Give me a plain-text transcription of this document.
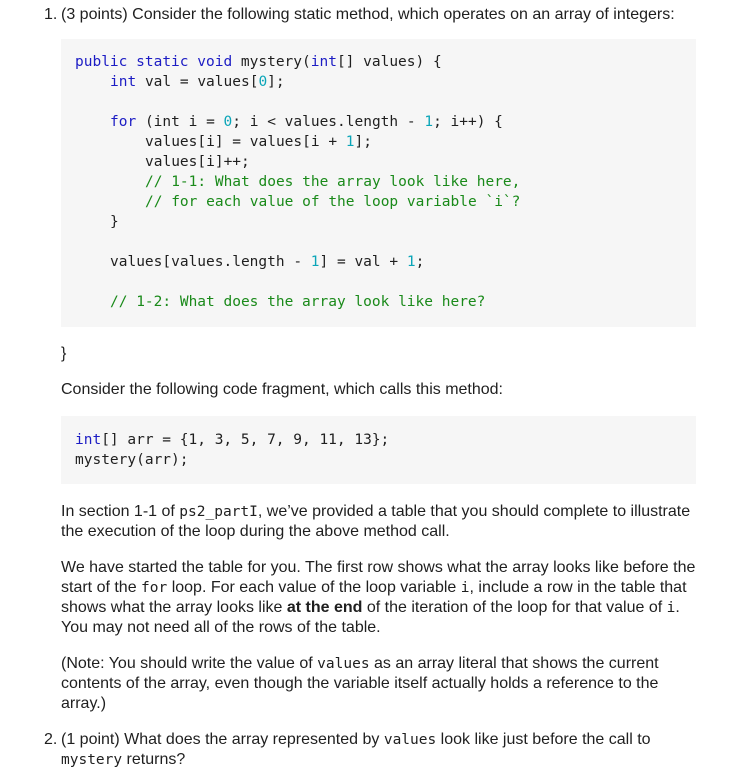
1. (3 points) Consider the following static method, which operates on an array of integers:
public static void mystery(int[] values) {
int val = values[0];
for (int i = 0; i < values.length - 1; i++) {
values[i] = values[i + 1];
values[i]++;
// 1-1: What does the array look like here,
// for each value of the loop variable `i`?
}
values[values.length - 1] = val + 1;
// 1-2: What does the array look like here?
}
Consider the following code fragment, which calls this method:
int[] arr = {1, 3, 5, 7, 9, 11, 13};
mystery(arr);

In section 1-1 of ps2_partI, we’ve provided a table that you should complete to illustrate the execution of the loop during the above method call.

We have started the table for you. The first row shows what the array looks like before the start of the for loop. For each value of the loop variable i, include a row in the table that shows what the array looks like at the end of the iteration of the loop for that value of i. You may not need all of the rows of the table.

(Note: You should write the value of values as an array literal that shows the current contents of the array, even though the variable itself actually holds a reference to the array.)

2. (1 point) What does the array represented by values look like just before the call to mystery returns?
